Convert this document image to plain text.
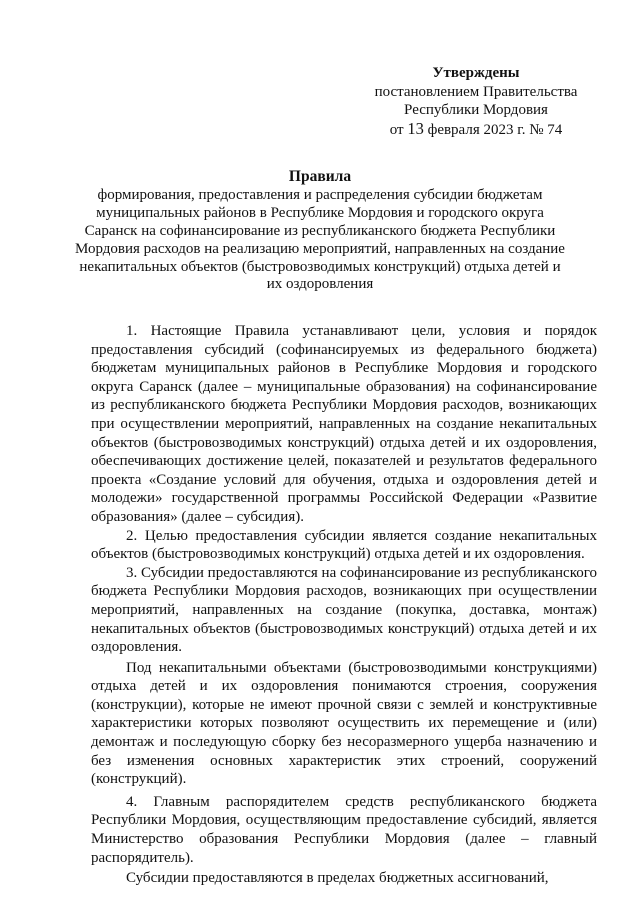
Утверждены
постановлением Правительства
Республики Мордовия
от 13 февраля 2023 г. № 74
Правила
формирования, предоставления и распределения субсидии бюджетам
муниципальных районов в Республике Мордовия и городского округа
Саранск на софинансирование из республиканского бюджета Республики
Мордовия расходов на реализацию мероприятий, направленных на создание
некапитальных объектов (быстровозводимых конструкций) отдыха детей и
их оздоровления

1. Настоящие Правила устанавливают цели, условия и порядок предоставления субсидий (софинансируемых из федерального бюджета) бюджетам муниципальных районов в Республике Мордовия и городского округа Саранск (далее – муниципальные образования) на софинансирование из республиканского бюджета Республики Мордовия расходов, возникающих при осуществлении мероприятий, направленных на создание некапитальных объектов (быстровозводимых конструкций) отдыха детей и их оздоровления, обеспечивающих достижение целей, показателей и результатов федерального проекта «Создание условий для обучения, отдыха и оздоровления детей и молодежи» государственной программы Российской Федерации «Развитие образования» (далее – субсидия).

2. Целью предоставления субсидии является создание некапитальных объектов (быстровозводимых конструкций) отдыха детей и их оздоровления.

3. Субсидии предоставляются на софинансирование из республиканского бюджета Республики Мордовия расходов, возникающих при осуществлении мероприятий, направленных на создание (покупка, доставка, монтаж) некапитальных объектов (быстровозводимых конструкций) отдыха детей и их оздоровления.

Под некапитальными объектами (быстровозводимыми конструкциями) отдыха детей и их оздоровления понимаются строения, сооружения (конструкции), которые не имеют прочной связи с землей и конструктивные характеристики которых позволяют осуществить их перемещение и (или) демонтаж и последующую сборку без несоразмерного ущерба назначению и без изменения основных характеристик этих строений, сооружений (конструкций).

4. Главным распорядителем средств республиканского бюджета Республики Мордовия, осуществляющим предоставление субсидий, является Министерство образования Республики Мордовия (далее – главный распорядитель).

Субсидии предоставляются в пределах бюджетных ассигнований,
